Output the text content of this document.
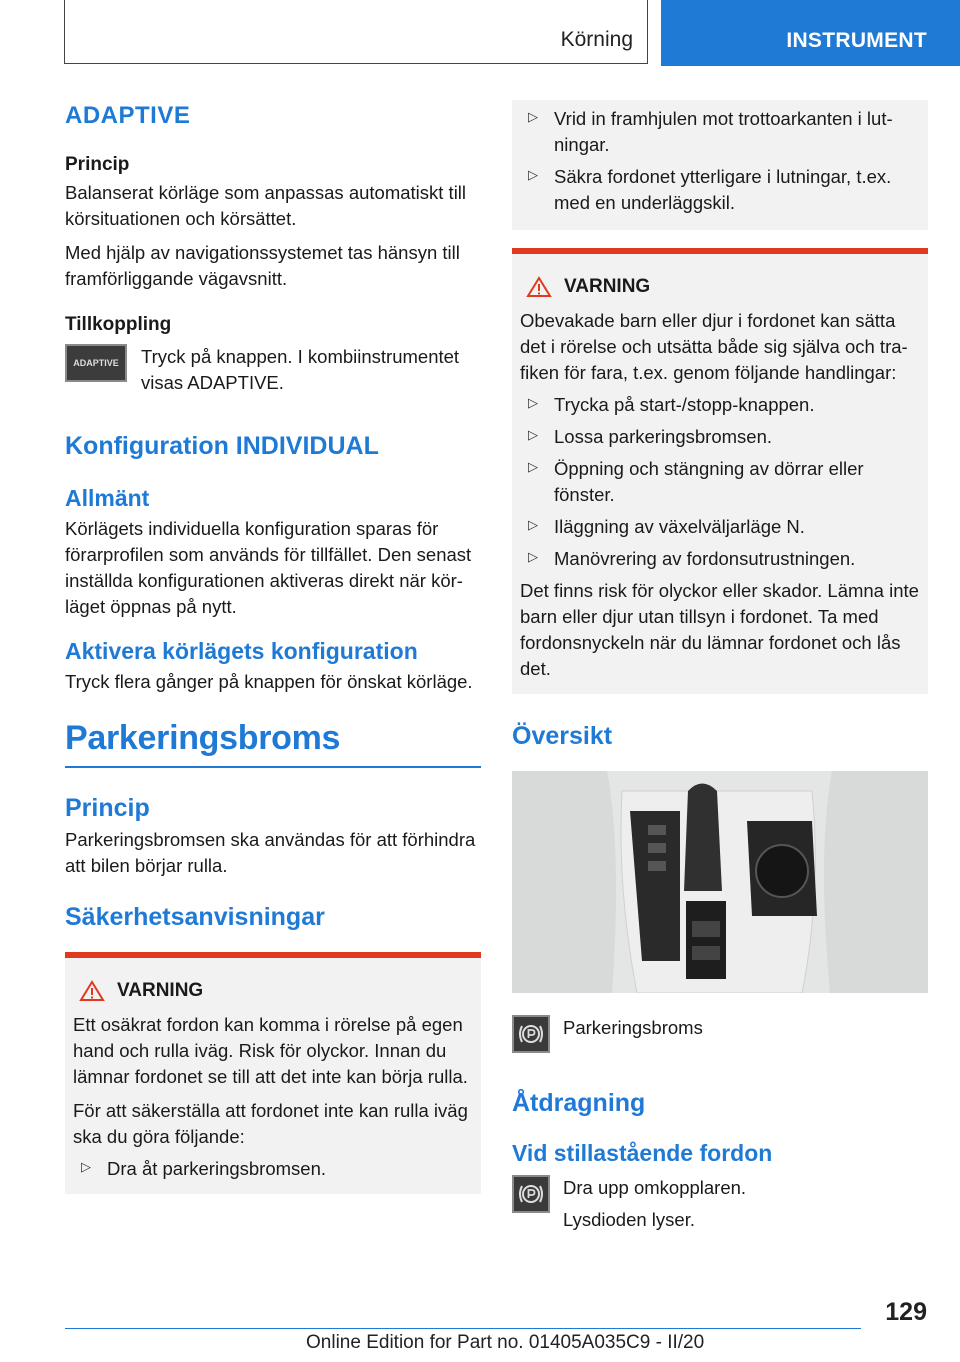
Körning	INSTRUMENT
ADAPTIVE
Princip

Balanserat körläge som anpassas automatiskt till körsituationen och körsättet.

Med hjälp av navigationssystemet tas hänsyn till framförliggande vägavsnitt.

Tillkoppling
ADAPTIVE	Tryck på knappen. I kombiinstrumentet visas ADAPTIVE.

Konfiguration INDIVIDUAL
Allmänt

Körlägets individuella konfiguration sparas för förarprofilen som används för tillfället. Den senast inställda konfigurationen aktiveras direkt när körläget öppnas på nytt.

Aktivera körlägets konfiguration

Tryck flera gånger på knappen för önskat körläge.

Parkeringsbroms
Princip

Parkeringsbromsen ska användas för att förhindra att bilen börjar rulla.

Säkerhetsanvisningar
VARNING

Ett osäkrat fordon kan komma i rörelse på egen hand och rulla iväg. Risk för olyckor. Innan du lämnar fordonet se till att det inte kan börja rulla.

För att säkerställa att fordonet inte kan rulla iväg ska du göra följande:

▷ Dra åt parkeringsbromsen.

▷ Vrid in framhjulen mot trottoarkanten i lutningar.

▷ Säkra fordonet ytterligare i lutningar, t.ex. med en underläggskil.

VARNING

Obevakade barn eller djur i fordonet kan sätta det i rörelse och utsätta både sig själva och trafiken för fara, t.ex. genom följande handlingar:

▷ Trycka på start-/stopp-knappen.

▷ Lossa parkeringsbromsen.

▷ Öppning och stängning av dörrar eller fönster.

▷ Iläggning av växelväljarläge N.

▷ Manövrering av fordonsutrustningen.

Det finns risk för olyckor eller skador. Lämna inte barn eller djur utan tillsyn i fordonet. Ta med fordonsnyckeln när du lämnar fordonet och lås det.

Översikt

Parkeringsbroms

Åtdragning
Vid stillastående fordon

Dra upp omkopplaren.

Lysdioden lyser.

129
Online Edition for Part no. 01405A035C9 - II/20
